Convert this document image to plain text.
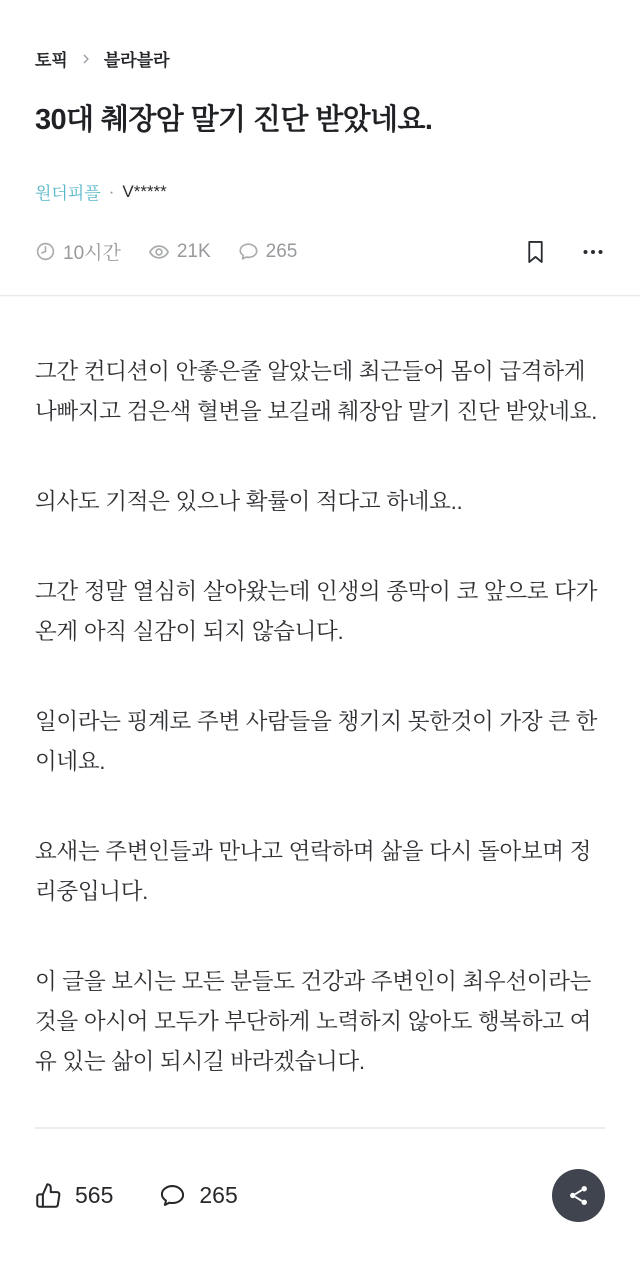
토픽 블라블라
30대 췌장암 말기 진단 받았네요.
원더피플 · V*****
10시간	21K	265

그간 컨디션이 안좋은줄 알았는데 최근들어 몸이 급격하게 나빠지고 검은색 혈변을 보길래 췌장암 말기 진단 받았네요.

의사도 기적은 있으나 확률이 적다고 하네요..

그간 정말 열심히 살아왔는데 인생의 종막이 코 앞으로 다가온게 아직 실감이 되지 않습니다.

일이라는 핑계로 주변 사람들을 챙기지 못한것이 가장 큰 한이네요.

요새는 주변인들과 만나고 연락하며 삶을 다시 돌아보며 정리중입니다.

이 글을 보시는 모든 분들도 건강과 주변인이 최우선이라는 것을 아시어 모두가 부단하게 노력하지 않아도 행복하고 여유 있는 삶이 되시길 바라겠습니다.

565	265
